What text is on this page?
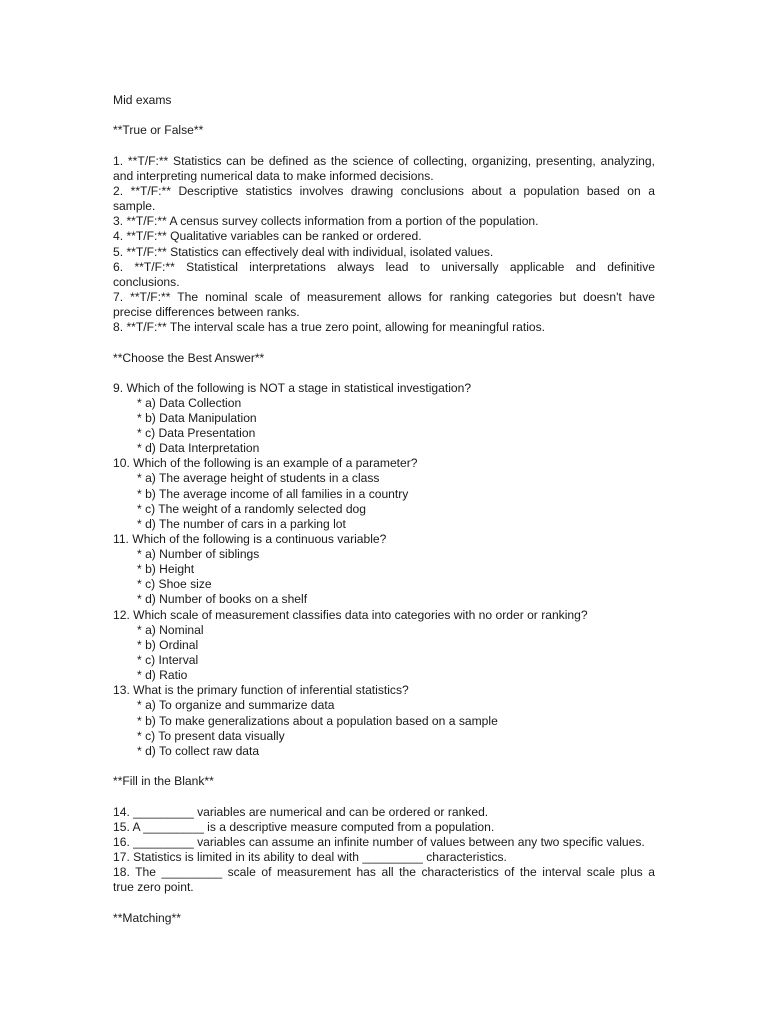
Mid exams
**True or False**
1. **T/F:** Statistics can be defined as the science of collecting, organizing, presenting, analyzing,
and interpreting numerical data to make informed decisions.
2. **T/F:** Descriptive statistics involves drawing conclusions about a population based on a
sample.
3. **T/F:** A census survey collects information from a portion of the population.
4. **T/F:** Qualitative variables can be ranked or ordered.
5. **T/F:** Statistics can effectively deal with individual, isolated values.
6. **T/F:** Statistical interpretations always lead to universally applicable and definitive
conclusions.
7. **T/F:** The nominal scale of measurement allows for ranking categories but doesn't have
precise differences between ranks.
8. **T/F:** The interval scale has a true zero point, allowing for meaningful ratios.
**Choose the Best Answer**
9. Which of the following is NOT a stage in statistical investigation?
* a) Data Collection
* b) Data Manipulation
* c) Data Presentation
* d) Data Interpretation
10. Which of the following is an example of a parameter?
* a) The average height of students in a class
* b) The average income of all families in a country
* c) The weight of a randomly selected dog
* d) The number of cars in a parking lot
11. Which of the following is a continuous variable?
* a) Number of siblings
* b) Height
* c) Shoe size
* d) Number of books on a shelf
12. Which scale of measurement classifies data into categories with no order or ranking?
* a) Nominal
* b) Ordinal
* c) Interval
* d) Ratio
13. What is the primary function of inferential statistics?
* a) To organize and summarize data
* b) To make generalizations about a population based on a sample
* c) To present data visually
* d) To collect raw data
**Fill in the Blank**
14. _________ variables are numerical and can be ordered or ranked.
15. A _________ is a descriptive measure computed from a population.
16. _________ variables can assume an infinite number of values between any two specific values.
17. Statistics is limited in its ability to deal with _________ characteristics.
18. The _________ scale of measurement has all the characteristics of the interval scale plus a
true zero point.
**Matching**
